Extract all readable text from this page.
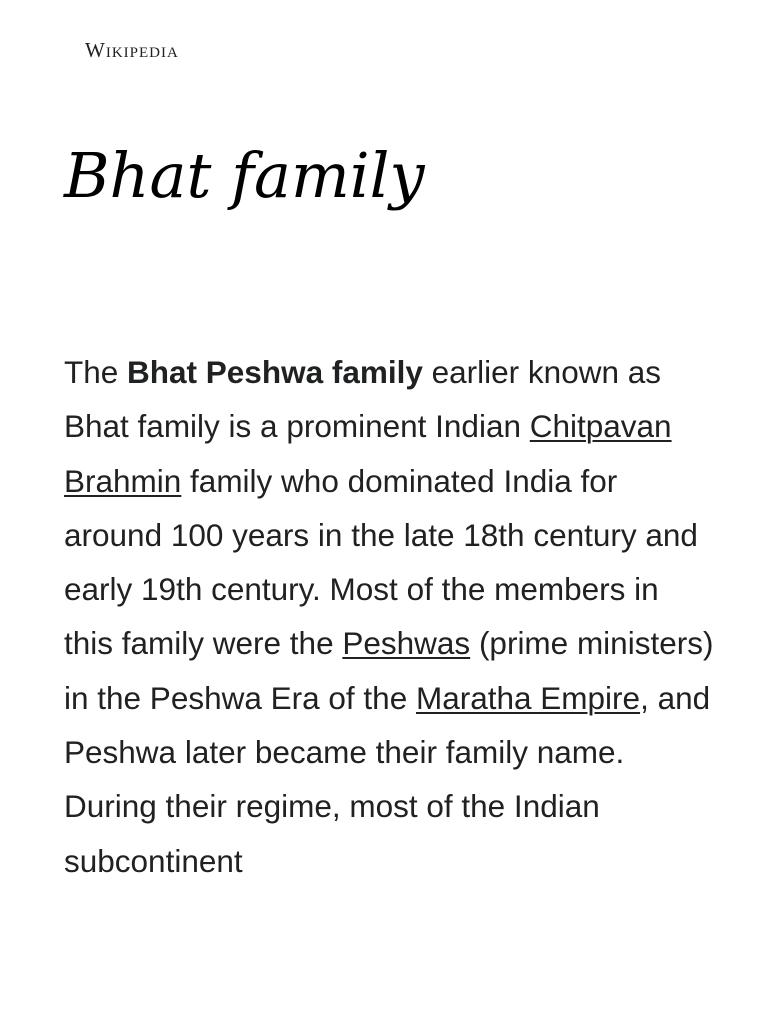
Wikipedia
Bhat family

The Bhat Peshwa family earlier known as Bhat family is a prominent Indian Chitpavan Brahmin family who dominated India for around 100 years in the late 18th century and early 19th century. Most of the members in this family were the Peshwas (prime ministers) in the Peshwa Era of the Maratha Empire, and Peshwa later became their family name. During their regime, most of the Indian subcontinent
